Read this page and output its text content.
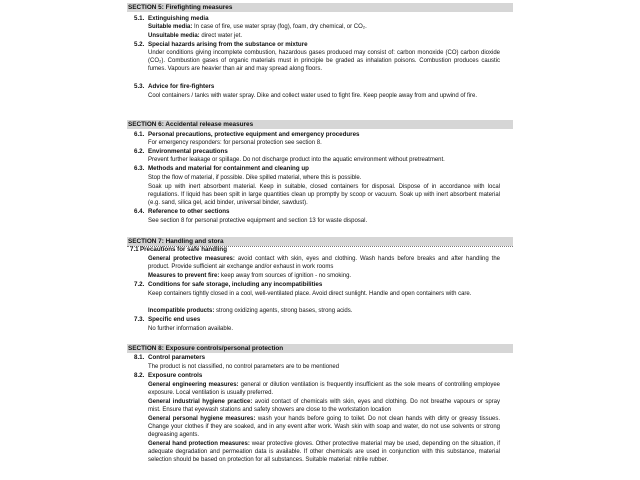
SECTION 5: Firefighting measures
5.1. Extinguishing media
Suitable media: In case of fire, use water spray (fog), foam, dry chemical, or CO₂.
Unsuitable media: direct water jet.
5.2. Special hazards arising from the substance or mixture
Under conditions giving incomplete combustion, hazardous gases produced may consist of: carbon monoxide (CO) carbon dioxide (CO₂). Combustion gases of organic materials must in principle be graded as inhalation poisons. Combustion produces caustic fumes. Vapours are heavier than air and may spread along floors.
5.3. Advice for fire-fighters
Cool containers / tanks with water spray. Dike and collect water used to fight fire. Keep people away from and upwind of fire.
SECTION 6: Accidental release measures
6.1. Personal precautions, protective equipment and emergency procedures
For emergency responders: for personal protection see section 8.
6.2. Environmental precautions
Prevent further leakage or spillage. Do not discharge product into the aquatic environment without pretreatment.
6.3. Methods and material for containment and cleaning up
Stop the flow of material, if possible. Dike spilled material, where this is possible.
Soak up with inert absorbent material. Keep in suitable, closed containers for disposal. Dispose of in accordance with local regulations. If liquid has been spilt in large quantities clean up promptly by scoop or vacuum. Soak up with inert absorbent material (e.g. sand, silica gel, acid binder, universal binder, sawdust).
6.4. Reference to other sections
See section 8 for personal protective equipment and section 13 for waste disposal.
SECTION 7: Handling and stora
7.1Precautions for safe handling
General protective measures: avoid contact with skin, eyes and clothing. Wash hands before breaks and after handling the product. Provide sufficient air exchange and/or exhaust in work rooms
Measures to prevent fire: keep away from sources of ignition - no smoking.
7.2. Conditions for safe storage, including any incompatibilities
Keep containers tightly closed in a cool, well-ventilated place. Avoid direct sunlight. Handle and open containers with care.
Incompatible products: strong oxidizing agents, strong bases, strong acids.
7.3. Specific end uses
No further information available.
SECTION 8: Exposure controls/personal protection
8.1. Control parameters
The product is not classified, no control parameters are to be mentioned
8.2. Exposure controls
General engineering measures: general or dilution ventilation is frequently insufficient as the sole means of controlling employee exposure. Local ventilation is usually preferred.
General industrial hygiene practice: avoid contact of chemicals with skin, eyes and clothing. Do not breathe vapours or spray mist. Ensure that eyewash stations and safety showers are close to the workstation location
General personal hygiene measures: wash your hands before going to toilet. Do not clean hands with dirty or greasy tissues. Change your clothes if they are soaked, and in any event after work. Wash skin with soap and water, do not use solvents or strong degreasing agents.
General hand protection measures: wear protective gloves. Other protective material may be used, depending on the situation, if adequate degradation and permeation data is available. If other chemicals are used in conjunction with this substance, material selection should be based on protection for all substances. Suitable material: nitrile rubber.
